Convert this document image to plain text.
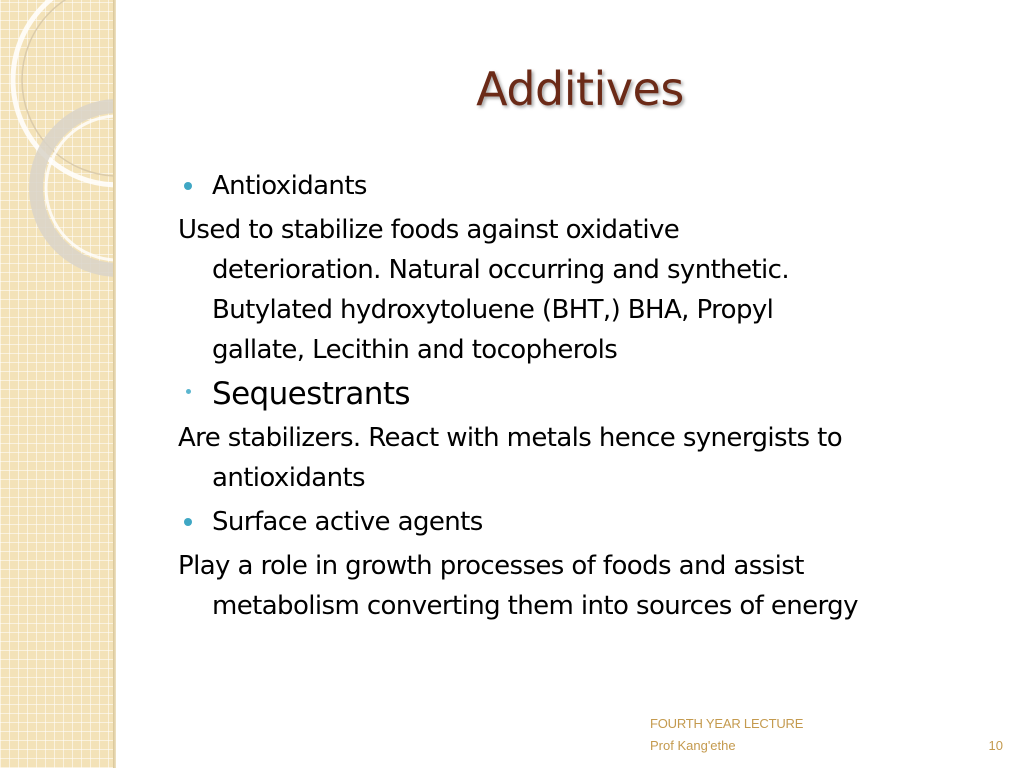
Additives
Antioxidants
Used to stabilize foods against oxidative
deterioration. Natural occurring and synthetic.
Butylated hydroxytoluene (BHT,) BHA, Propyl
gallate, Lecithin and tocopherols
Sequestrants
Are stabilizers. React with metals hence synergists to
antioxidants
Surface active agents
Play a role in growth processes of foods and assist
metabolism converting them into sources of energy
FOURTH YEAR LECTURE
Prof Kang'ethe	10
